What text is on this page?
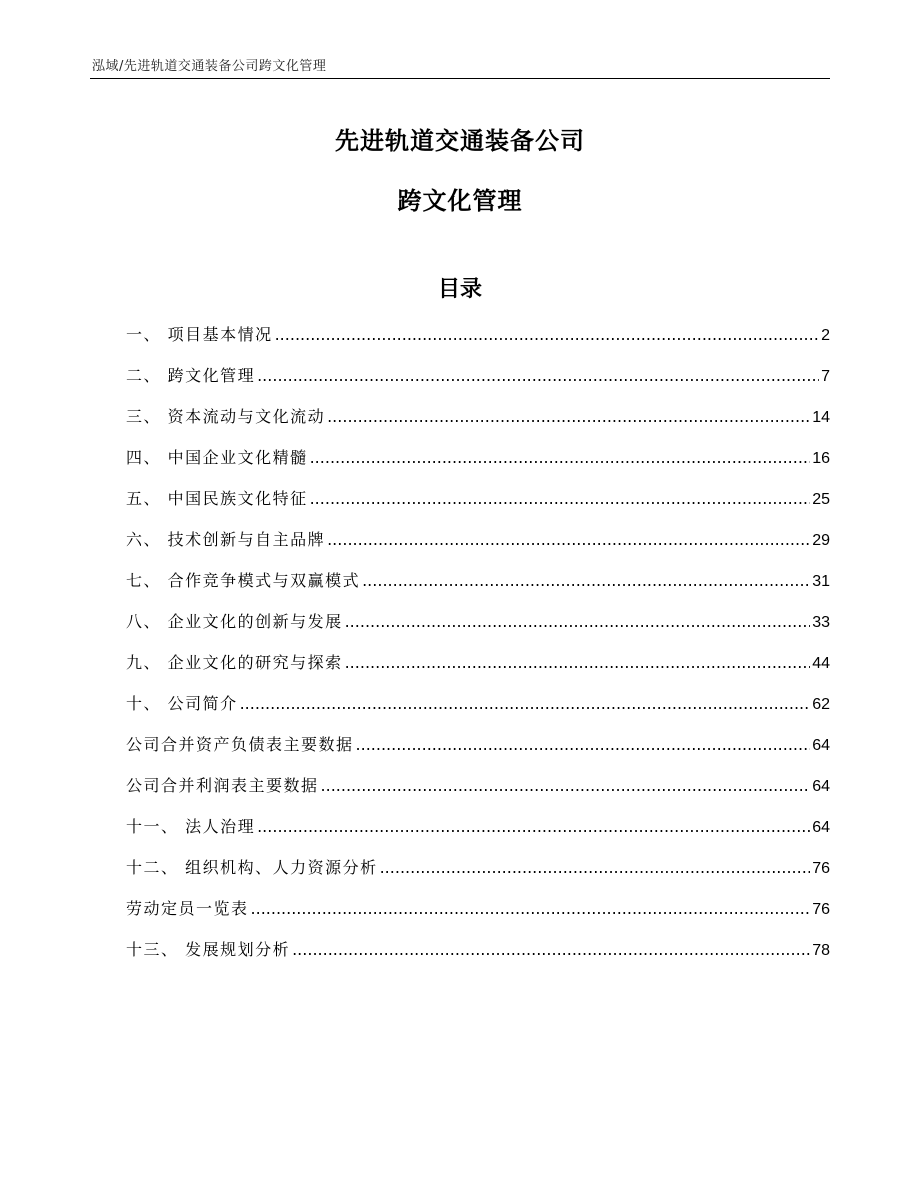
泓域/先进轨道交通装备公司跨文化管理
先进轨道交通装备公司
跨文化管理
目录
一、 项目基本情况 .....	2
二、 跨文化管理 .....	7
三、 资本流动与文化流动 .....	14
四、 中国企业文化精髓 .....	16
五、 中国民族文化特征 .....	25
六、 技术创新与自主品牌 .....	29
七、 合作竞争模式与双赢模式 .....	31
八、 企业文化的创新与发展 .....	33
九、 企业文化的研究与探索 .....	44
十、 公司简介 .....	62
公司合并资产负债表主要数据 .....	64
公司合并利润表主要数据 .....	64
十一、 法人治理 .....	64
十二、 组织机构、人力资源分析 .....	76
劳动定员一览表 .....	76
十三、 发展规划分析 .....	78
